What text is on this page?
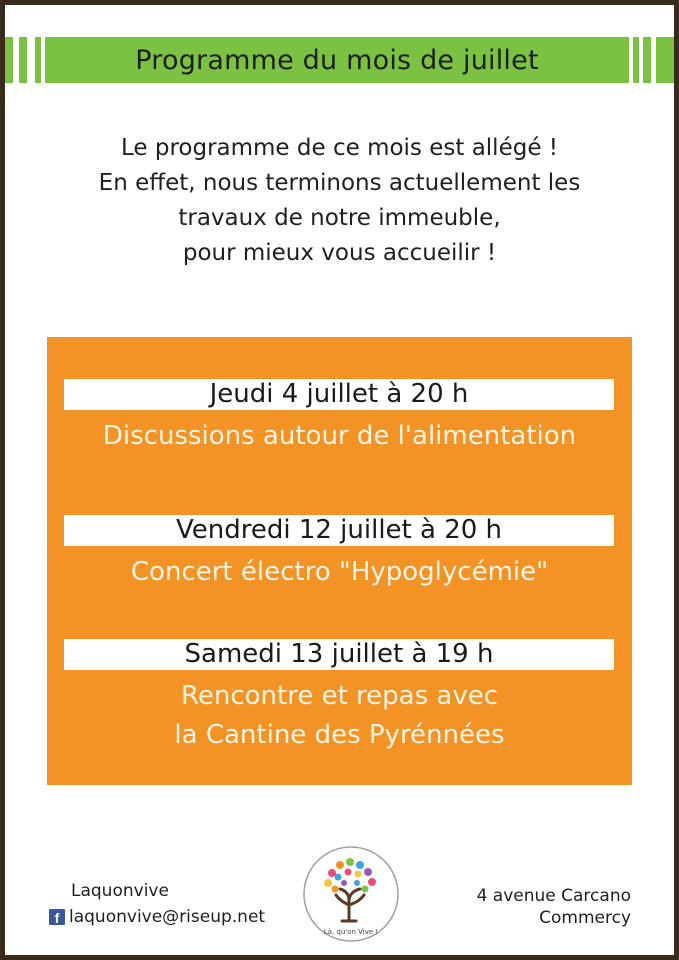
Programme du mois de juillet
Le programme de ce mois est allégé !
En effet, nous terminons actuellement les
travaux de notre immeuble,
pour mieux vous accueilir !
Jeudi 4 juillet à 20 h
Discussions autour de l'alimentation
Vendredi 12 juillet à 20 h
Concert électro "Hypoglycémie"
Samedi 13 juillet à 19 h
Rencontre et repas avec
la Cantine des Pyrénnées
Laquonvive
f laquonvive@riseup.net
Là, qu'on Vive !
4 avenue Carcano
Commercy
